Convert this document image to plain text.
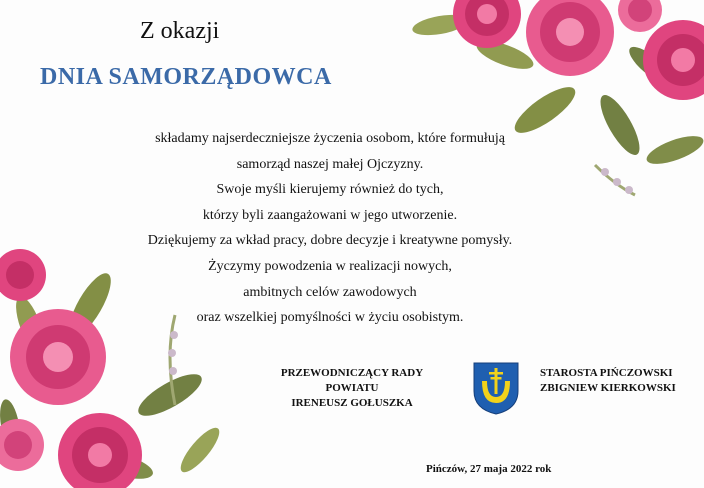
Z okazji
DNIA SAMORZĄDOWCA
składamy najserdeczniejsze życzenia osobom, które formułują
samorząd naszej małej Ojczyzny.
Swoje myśli kierujemy również do tych,
którzy byli zaangażowani w jego utworzenie.
Dziękujemy za wkład pracy, dobre decyzje i kreatywne pomysły.
Życzymy powodzenia w realizacji nowych,
ambitnych celów zawodowych
oraz wszelkiej pomyślności w życiu osobistym.
PRZEWODNICZĄCY RADY POWIATU
IRENEUSZ GOŁUSZKA
STAROSTA PIŃCZOWSKI
ZBIGNIEW KIERKOWSKI
Pińczów, 27 maja 2022 rok
